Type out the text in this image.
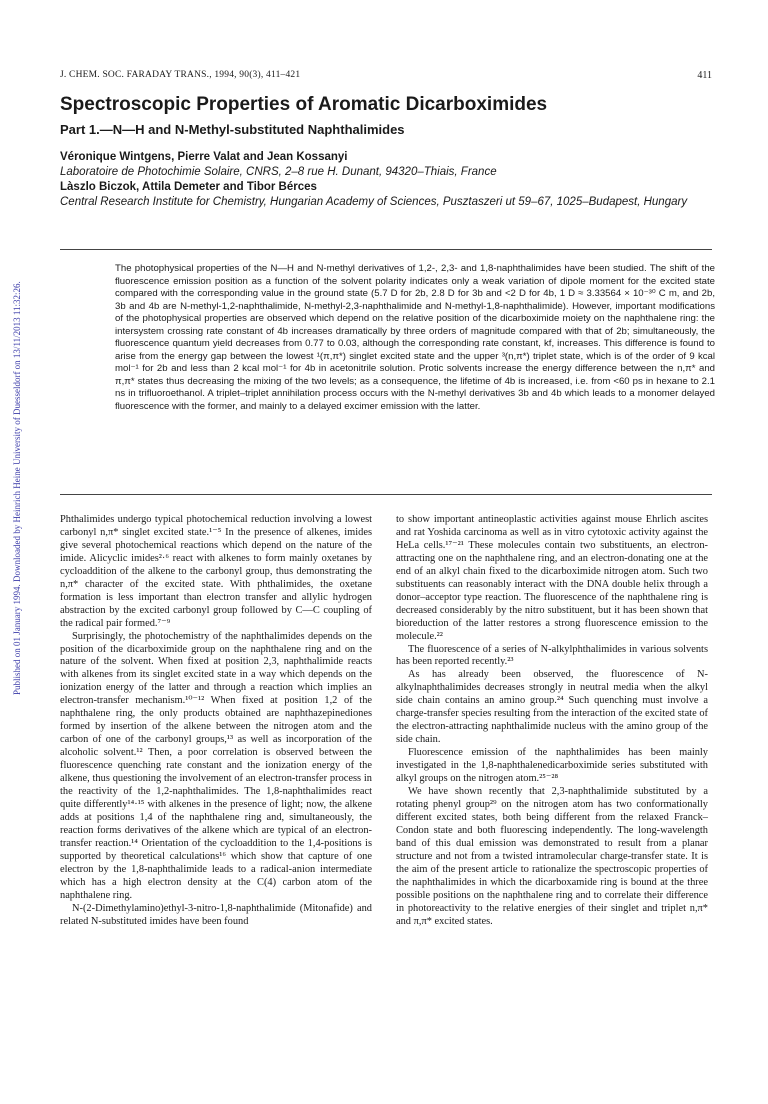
Published on 01 January 1994. Downloaded by Heinrich Heine University of Duesseldorf on 13/11/2013 11:32:26.
J. CHEM. SOC. FARADAY TRANS., 1994, 90(3), 411–421	411
Spectroscopic Properties of Aromatic Dicarboximides
Part 1.—N—H and N-Methyl-substituted Naphthalimides
Véronique Wintgens, Pierre Valat and Jean Kossanyi
Laboratoire de Photochimie Solaire, CNRS, 2–8 rue H. Dunant, 94320–Thiais, France
Làszlo Biczok, Attila Demeter and Tibor Bérces
Central Research Institute for Chemistry, Hungarian Academy of Sciences, Pusztaszeri ut 59–67, 1025–Budapest, Hungary

The photophysical properties of the N—H and N-methyl derivatives of 1,2-, 2,3- and 1,8-naphthalimides have been studied. The shift of the fluorescence emission position as a function of the solvent polarity indicates only a weak variation of dipole moment for the excited state compared with the corresponding value in the ground state (5.7 D for 2b, 2.8 D for 3b and <2 D for 4b, 1 D ≈ 3.33564 × 10⁻³⁰ C m, and 2b, 3b and 4b are N-methyl-1,2-naphthalimide, N-methyl-2,3-naphthalimide and N-methyl-1,8-naphthalimide). However, important modifications of the photophysical properties are observed which depend on the relative position of the dicarboximide moiety on the naphthalene ring: the intersystem crossing rate constant of 4b increases dramatically by three orders of magnitude compared with that of 2b; simultaneously, the fluorescence quantum yield decreases from 0.77 to 0.03, although the corresponding rate constant, kf, increases. This difference is found to arise from the energy gap between the lowest ¹(π,π*) singlet excited state and the upper ³(n,π*) triplet state, which is of the order of 9 kcal mol⁻¹ for 2b and less than 2 kcal mol⁻¹ for 4b in acetonitrile solution. Protic solvents increase the energy difference between the n,π* and π,π* states thus decreasing the mixing of the two levels; as a consequence, the lifetime of 4b is increased, i.e. from <60 ps in hexane to 2.1 ns in trifluoroethanol. A triplet–triplet annihilation process occurs with the N-methyl derivatives 3b and 4b which leads to a monomer delayed fluorescence with the former, and mainly to a delayed excimer emission with the latter.

Phthalimides undergo typical photochemical reduction involving a lowest carbonyl n,π* singlet excited state.¹⁻⁵ In the presence of alkenes, imides give several photochemical reactions which depend on the nature of the imide. Alicyclic imides²·⁶ react with alkenes to form mainly oxetanes by cycloaddition of the alkene to the carbonyl group, thus demonstrating the n,π* character of the excited state. With phthalimides, the oxetane formation is less important than electron transfer and allylic hydrogen abstraction by the excited carbonyl group followed by C—C coupling of the radical pair formed.⁷⁻⁹

Surprisingly, the photochemistry of the naphthalimides depends on the position of the dicarboximide group on the naphthalene ring and on the nature of the solvent. When fixed at position 2,3, naphthalimide reacts with alkenes from its singlet excited state in a way which depends on the ionization energy of the latter and through a reaction which implies an electron-transfer mechanism.¹⁰⁻¹² When fixed at position 1,2 of the naphthalene ring, the only products obtained are naphthazepinediones formed by insertion of the alkene between the nitrogen atom and the carbon of one of the carbonyl groups,¹³ as well as incorporation of the alcoholic solvent.¹² Then, a poor correlation is observed between the fluorescence quenching rate constant and the ionization energy of the alkene, thus questioning the involvement of an electron-transfer process in the reactivity of the 1,2-naphthalimides. The 1,8-naphthalimides react quite differently¹⁴·¹⁵ with alkenes in the presence of light; now, the alkene adds at positions 1,4 of the naphthalene ring and, simultaneously, the reaction forms derivatives of the alkene which are typical of an electron-transfer reaction.¹⁴ Orientation of the cycloaddition to the 1,4-positions is supported by theoretical calculations¹⁶ which show that capture of one electron by the 1,8-naphthalimide leads to a radical-anion intermediate which has a high electron density at the C(4) carbon atom of the naphthalene ring.

N-(2-Dimethylamino)ethyl-3-nitro-1,8-naphthalimide (Mitonafide) and related N-substituted imides have been found

to show important antineoplastic activities against mouse Ehrlich ascites and rat Yoshida carcinoma as well as in vitro cytotoxic activity against the HeLa cells.¹⁷⁻²¹ These molecules contain two substituents, an electron-attracting one on the naphthalene ring, and an electron-donating one at the end of an alkyl chain fixed to the dicarboximide nitrogen atom. Such two substituents can reasonably interact with the DNA double helix through a donor–acceptor type reaction. The fluorescence of the naphthalene ring is decreased considerably by the nitro substituent, but it has been shown that bioreduction of the latter restores a strong fluorescence emission to the molecule.²²

The fluorescence of a series of N-alkylphthalimides in various solvents has been reported recently.²³

As has already been observed, the fluorescence of N-alkylnaphthalimides decreases strongly in neutral media when the alkyl side chain contains an amino group.²⁴ Such quenching must involve a charge-transfer species resulting from the interaction of the excited state of the electron-attracting naphthalimide nucleus with the amino group of the side chain.

Fluorescence emission of the naphthalimides has been mainly investigated in the 1,8-naphthalenedicarboximide series substituted with alkyl groups on the nitrogen atom.²⁵⁻²⁸

We have shown recently that 2,3-naphthalimide substituted by a rotating phenyl group²⁹ on the nitrogen atom has two conformationally different excited states, both being different from the relaxed Franck–Condon state and both fluorescing independently. The long-wavelength band of this dual emission was demonstrated to result from a planar structure and not from a twisted intramolecular charge-transfer state. It is the aim of the present article to rationalize the spectroscopic properties of the naphthalimides in which the dicarboxamide ring is bound at the three possible positions on the naphthalene ring and to correlate their difference in photoreactivity to the relative energies of their singlet and triplet n,π* and π,π* excited states.
